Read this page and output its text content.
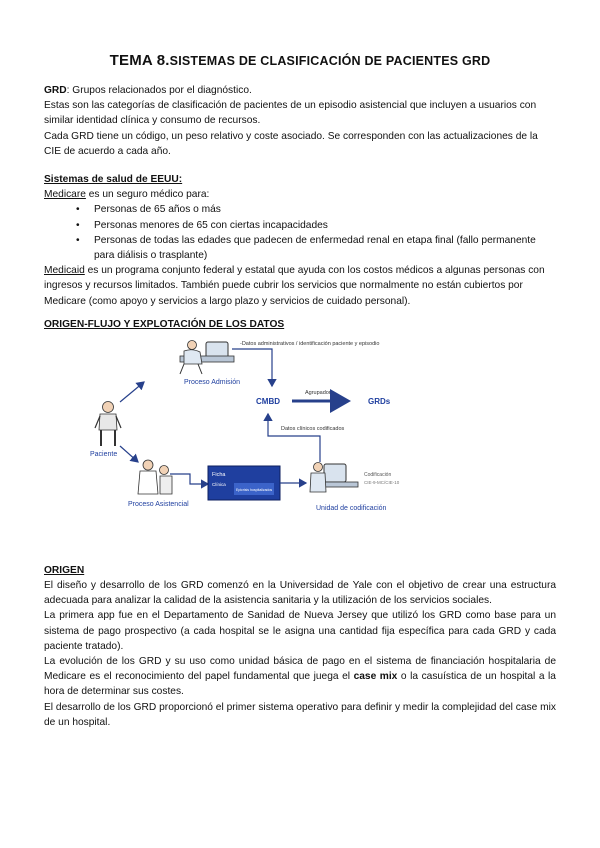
TEMA 8.SISTEMAS DE CLASIFICACIÓN DE PACIENTES GRD

GRD: Grupos relacionados por el diagnóstico.

Estas son las categorías de clasificación de pacientes de un episodio asistencial que incluyen a usuarios con similar identidad clínica y consumo de recursos.

Cada GRD tiene un código, un peso relativo y coste asociado. Se corresponden con las actualizaciones de la CIE de acuerdo a cada año.

Sistemas de salud de EEUU:

Medicare es un seguro médico para:

• Personas de 65 años o más
• Personas menores de 65 con ciertas incapacidades
• Personas de todas las edades que padecen de enfermedad renal en etapa final (fallo permanente para diálisis o trasplante)

Medicaid es un programa conjunto federal y estatal que ayuda con los costos médicos a algunas personas con ingresos y recursos limitados. También puede cubrir los servicios que normalmente no están cubiertos por Medicare (como apoyo y servicios a largo plazo y servicios de cuidado personal).

ORIGEN-FLUJO Y EXPLOTACIÓN DE LOS DATOS
Proceso Admisión
Paciente
Proceso Asistencial
-Datos administrativos / identificación paciente y episodio
CMBD
Agrupador
GRDs
Datos clínicos codificados
Ficha
Clínica
Epicrisis hospitalizados
Unidad de codificación
Codificación
CIE-9-MC/CIE-10
ORIGEN

El diseño y desarrollo de los GRD comenzó en la Universidad de Yale con el objetivo de crear una estructura adecuada para analizar la calidad de la asistencia sanitaria y la utilización de los servicios sociales.

La primera app fue en el Departamento de Sanidad de Nueva Jersey que utilizó los GRD como base para un sistema de pago prospectivo (a cada hospital se le asigna una cantidad fija específica para cada GRD y cada paciente tratado).

La evolución de los GRD y su uso como unidad básica de pago en el sistema de financiación hospitalaria de Medicare es el reconocimiento del papel fundamental que juega el case mix o la casuística de un hospital a la hora de determinar sus costes.

El desarrollo de los GRD proporcionó el primer sistema operativo para definir y medir la complejidad del case mix de un hospital.
